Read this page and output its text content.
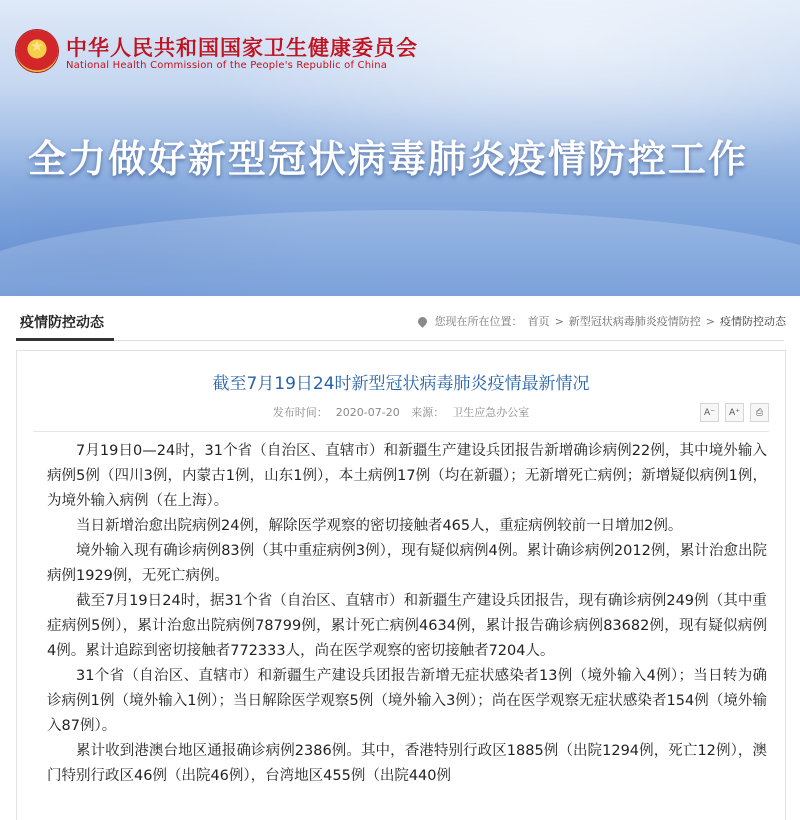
★
中华人民共和国国家卫生健康委员会
National Health Commission of the People's Republic of China
全力做好新型冠状病毒肺炎疫情防控工作
疫情防控动态	您现在所在位置： 首页 > 新型冠状病毒肺炎疫情防控 > 疫情防控动态
截至7月19日24时新型冠状病毒肺炎疫情最新情况
发布时间： 2020-07-20 来源： 卫生应急办公室	A⁻	A⁺	⎙

7月19日0—24时，31个省（自治区、直辖市）和新疆生产建设兵团报告新增确诊病例22例，其中境外输入病例5例（四川3例，内蒙古1例，山东1例），本土病例17例（均在新疆）；无新增死亡病例；新增疑似病例1例，为境外输入病例（在上海）。

当日新增治愈出院病例24例，解除医学观察的密切接触者465人，重症病例较前一日增加2例。

境外输入现有确诊病例83例（其中重症病例3例），现有疑似病例4例。累计确诊病例2012例，累计治愈出院病例1929例，无死亡病例。

截至7月19日24时，据31个省（自治区、直辖市）和新疆生产建设兵团报告，现有确诊病例249例（其中重症病例5例），累计治愈出院病例78799例，累计死亡病例4634例，累计报告确诊病例83682例，现有疑似病例4例。累计追踪到密切接触者772333人，尚在医学观察的密切接触者7204人。

31个省（自治区、直辖市）和新疆生产建设兵团报告新增无症状感染者13例（境外输入4例）；当日转为确诊病例1例（境外输入1例）；当日解除医学观察5例（境外输入3例）；尚在医学观察无症状感染者154例（境外输入87例）。

累计收到港澳台地区通报确诊病例2386例。其中，香港特别行政区1885例（出院1294例，死亡12例），澳门特别行政区46例（出院46例），台湾地区455例（出院440例
